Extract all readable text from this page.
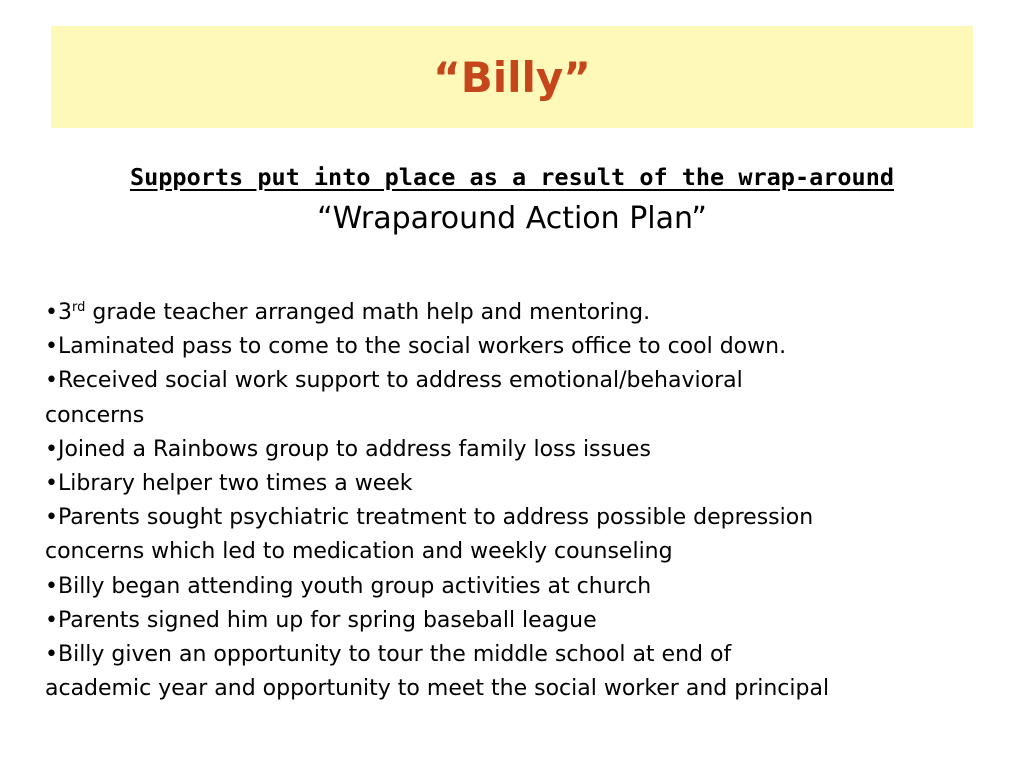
“Billy”
Supports put into place as a result of the wrap-around
“Wraparound Action Plan”
•3rd grade teacher arranged math help and mentoring.
•Laminated pass to come to the social workers office to cool down.
•Received social work support to address emotional/behavioral
concerns
•Joined a Rainbows group to address family loss issues
•Library helper two times a week
•Parents sought psychiatric treatment to address possible depression
concerns which led to medication and weekly counseling
•Billy began attending youth group activities at church
•Parents signed him up for spring baseball league
•Billy given an opportunity to tour the middle school at end of
academic year and opportunity to meet the social worker and principal
